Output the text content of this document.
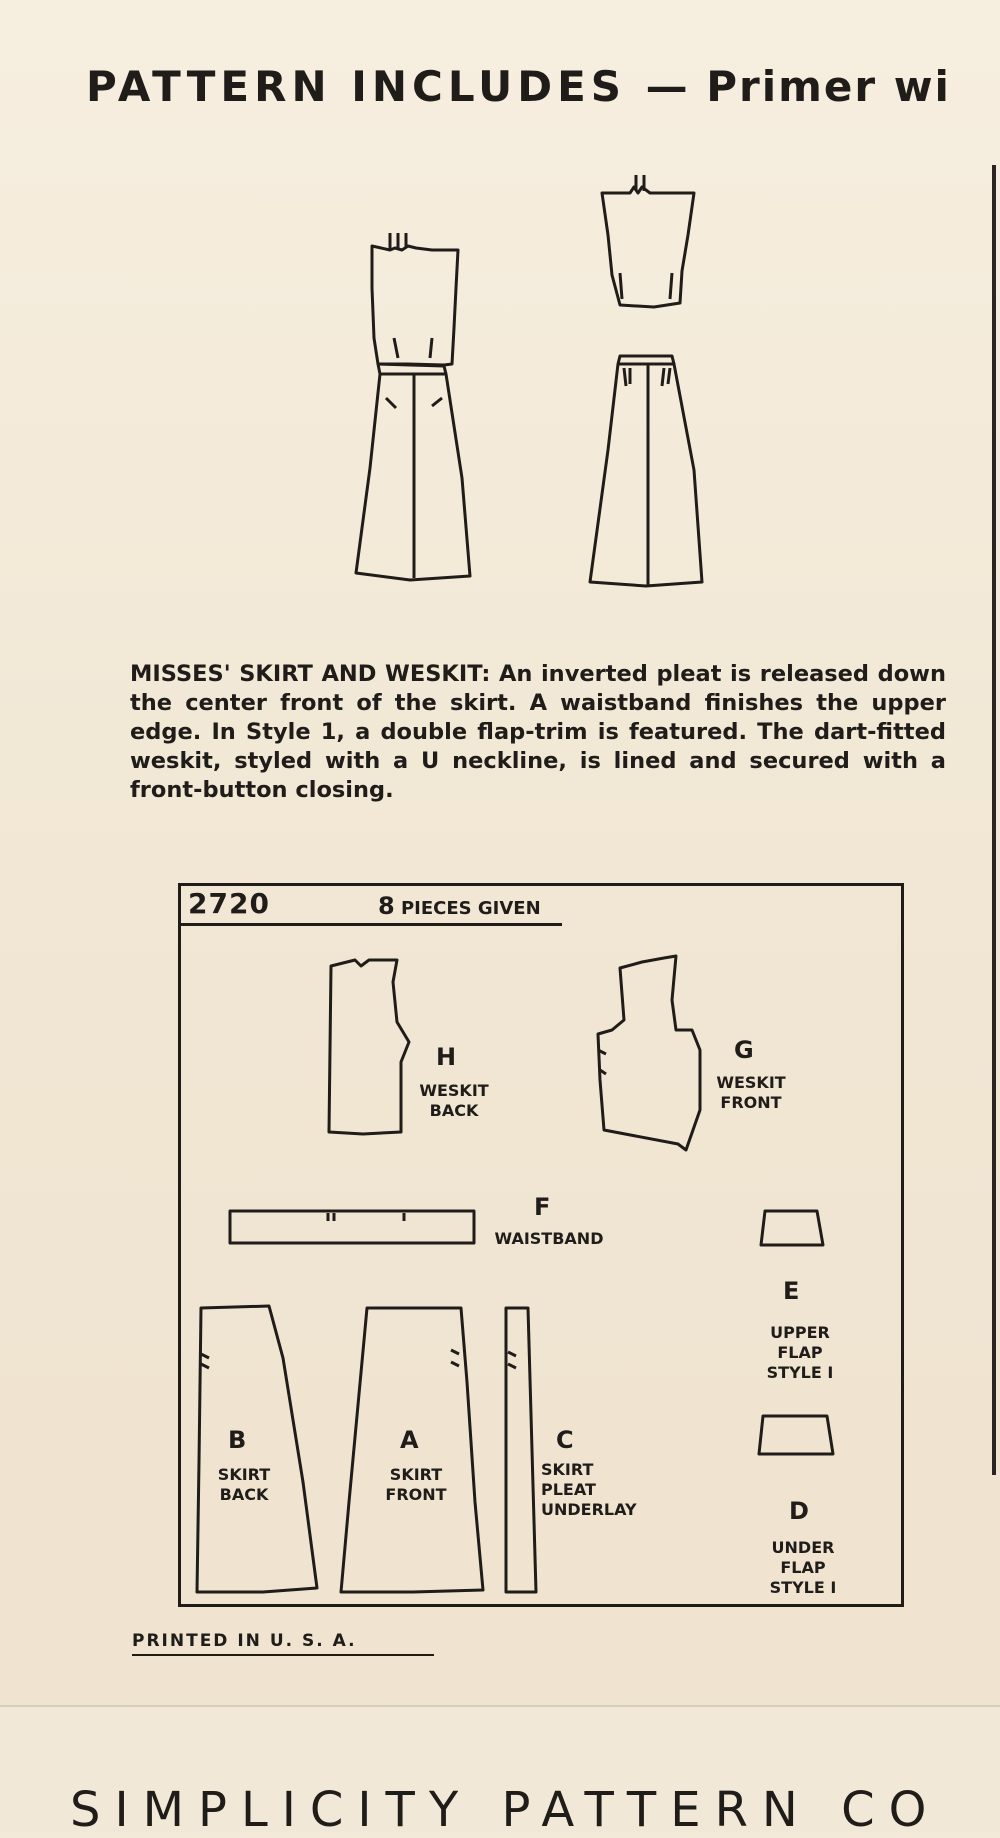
PATTERN INCLUDES — Primer wi
MISSES' SKIRT AND WESKIT: An inverted pleat is released down the center front of the skirt. A waistband finishes the upper edge. In Style 1, a double flap-trim is featured. The dart-fitted weskit, styled with a U neckline, is lined and secured with a front-button closing.
2720	8 PIECES GIVEN
H
WESKIT
BACK
G
WESKIT
FRONT
F
WAISTBAND
E
UPPER
FLAP
STYLE I
B
SKIRT
BACK
A
SKIRT
FRONT
C
SKIRT
PLEAT
UNDERLAY	D
UNDER
FLAP
STYLE I
PRINTED IN U. S. A.
SIMPLICITY PATTERN CO
